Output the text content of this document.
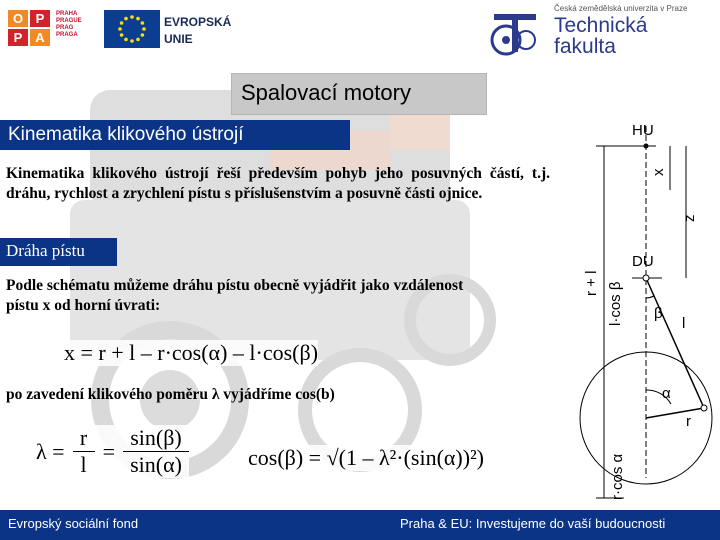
O P
P A
PRAHA
PRAGUE
PRAG
PRAGA
EVROPSKÁ
UNIE
Česká zemědělská univerzita v Praze
Technická
fakulta
Spalovací motory
Kinematika klikového ústrojí
Kinematika klikového ústrojí řeší především pohyb jeho posuvných částí, t.j. dráhu, rychlost a zrychlení pístu s příslušenstvím a posuvně části ojnice.
Dráha pístu
Podle schématu můžeme dráhu pístu obecně vyjádřit jako vzdálenost pístu x od horní úvrati:
x = r + l – r·cos(α) – l·cos(β)
po zavedení klikového poměru λ vyjádříme cos(b)
λ =
r
l
=
sin(β)
sin(α)	cos(β) = √(1 – λ²·(sin(α))²)
HU
DU
x
z
r + l l·cos β β
l
α
r
r·cos α
Evropský sociální fond	Praha & EU: Investujeme do vaší budoucnosti
